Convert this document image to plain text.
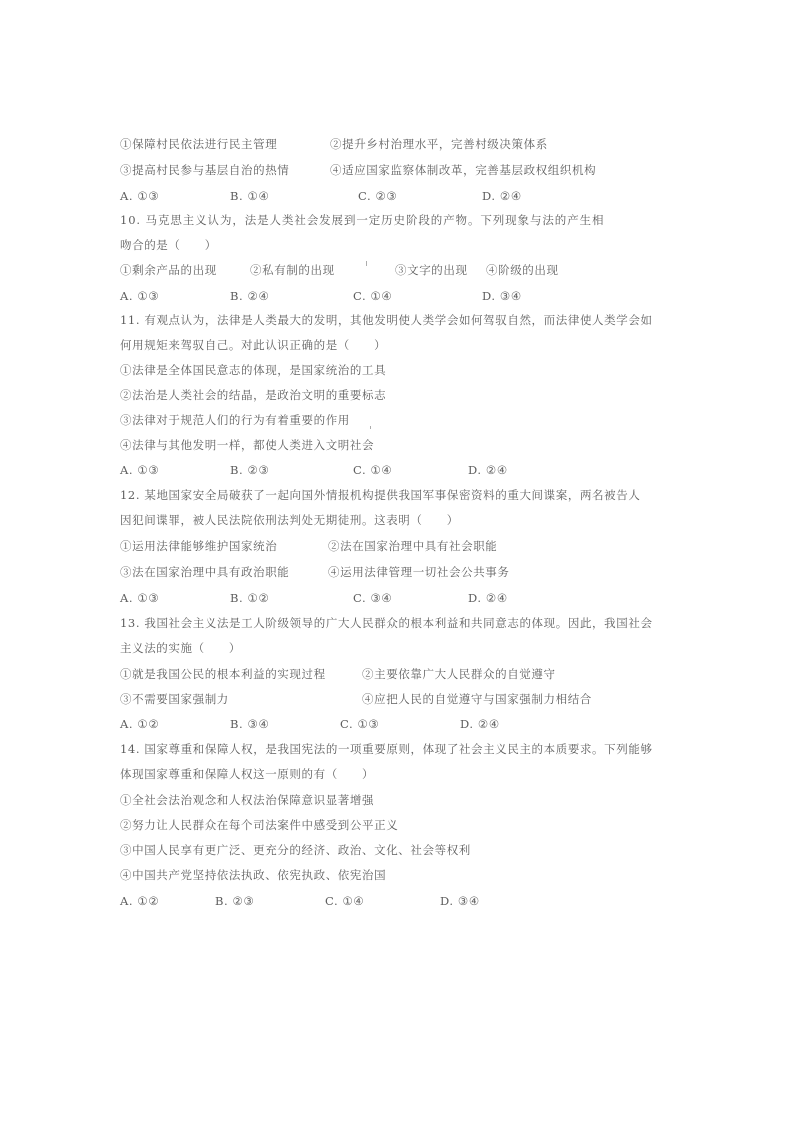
①保障村民依法进行民主管理	②提升乡村治理水平，完善村级决策体系
③提高村民参与基层自治的热情	④适应国家监察体制改革，完善基层政权组织机构
A. ①③	B. ①④	C. ②③	D. ②④
10. 马克思主义认为，法是人类社会发展到一定历史阶段的产物。下列现象与法的产生相
吻合的是（　　）
①剩余产品的出现	②私有制的出现	③文字的出现 ④阶级的出现
A. ①③	B. ②④	C. ①④	D. ③④
11. 有观点认为，法律是人类最大的发明，其他发明使人类学会如何驾驭自然，而法律使人类学会如
何用规矩来驾驭自己。对此认识正确的是（　　）
①法律是全体国民意志的体现，是国家统治的工具
②法治是人类社会的结晶，是政治文明的重要标志
③法律对于规范人们的行为有着重要的作用
④法律与其他发明一样，都使人类进入文明社会
A. ①③	B. ②③	C. ①④	D. ②④
12. 某地国家安全局破获了一起向国外情报机构提供我国军事保密资料的重大间谍案，两名被告人
因犯间谍罪，被人民法院依刑法判处无期徒刑。这表明（　　）
①运用法律能够维护国家统治	②法在国家治理中具有社会职能
③法在国家治理中具有政治职能	④运用法律管理一切社会公共事务
A. ①③	B. ①②	C. ③④	D. ②④
13. 我国社会主义法是工人阶级领导的广大人民群众的根本利益和共同意志的体现。因此，我国社会
主义法的实施（　　）
①就是我国公民的根本利益的实现过程	②主要依靠广大人民群众的自觉遵守
③不需要国家强制力	④应把人民的自觉遵守与国家强制力相结合
A. ①②	B. ③④	C. ①③	D. ②④
14. 国家尊重和保障人权，是我国宪法的一项重要原则，体现了社会主义民主的本质要求。下列能够
体现国家尊重和保障人权这一原则的有（　　）
①全社会法治观念和人权法治保障意识显著增强
②努力让人民群众在每个司法案件中感受到公平正义
③中国人民享有更广泛、更充分的经济、政治、文化、社会等权利
④中国共产党坚持依法执政、依宪执政、依宪治国
A. ①②	B. ②③	C. ①④	D. ③④
